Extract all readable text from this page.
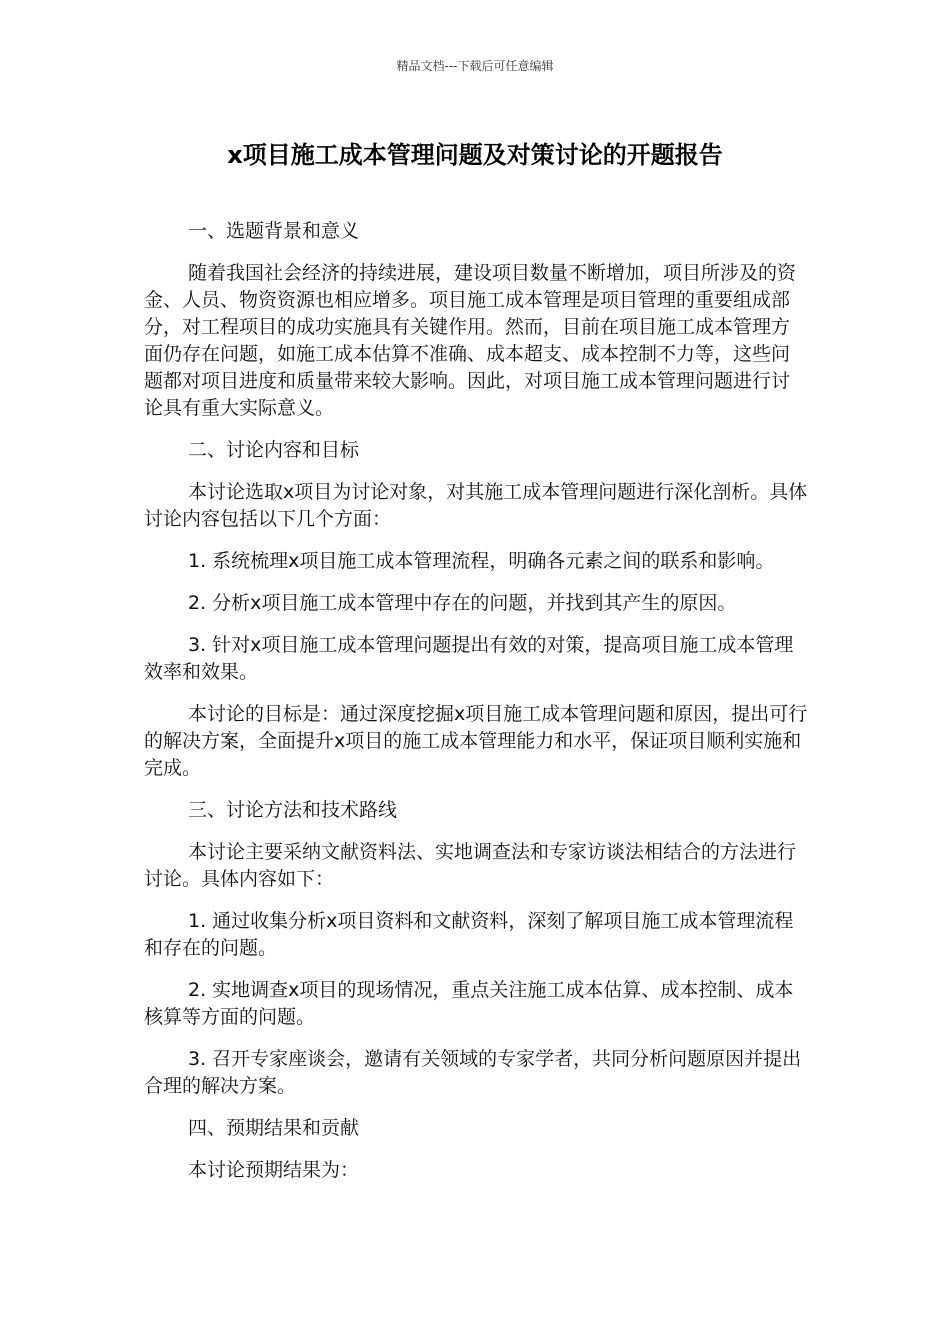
精品文档---下载后可任意编辑
x项目施工成本管理问题及对策讨论的开题报告

一、选题背景和意义

随着我国社会经济的持续进展，建设项目数量不断增加，项目所涉及的资金、人员、物资资源也相应增多。项目施工成本管理是项目管理的重要组成部分，对工程项目的成功实施具有关键作用。然而，目前在项目施工成本管理方面仍存在问题，如施工成本估算不准确、成本超支、成本控制不力等，这些问题都对项目进度和质量带来较大影响。因此，对项目施工成本管理问题进行讨论具有重大实际意义。

二、讨论内容和目标

本讨论选取x项目为讨论对象，对其施工成本管理问题进行深化剖析。具体讨论内容包括以下几个方面：

1. 系统梳理x项目施工成本管理流程，明确各元素之间的联系和影响。

2. 分析x项目施工成本管理中存在的问题，并找到其产生的原因。

3. 针对x项目施工成本管理问题提出有效的对策，提高项目施工成本管理效率和效果。

本讨论的目标是：通过深度挖掘x项目施工成本管理问题和原因，提出可行的解决方案，全面提升x项目的施工成本管理能力和水平，保证项目顺利实施和完成。

三、讨论方法和技术路线

本讨论主要采纳文献资料法、实地调查法和专家访谈法相结合的方法进行讨论。具体内容如下：

1. 通过收集分析x项目资料和文献资料，深刻了解项目施工成本管理流程和存在的问题。

2. 实地调查x项目的现场情况，重点关注施工成本估算、成本控制、成本核算等方面的问题。

3. 召开专家座谈会，邀请有关领域的专家学者，共同分析问题原因并提出合理的解决方案。

四、预期结果和贡献

本讨论预期结果为：
